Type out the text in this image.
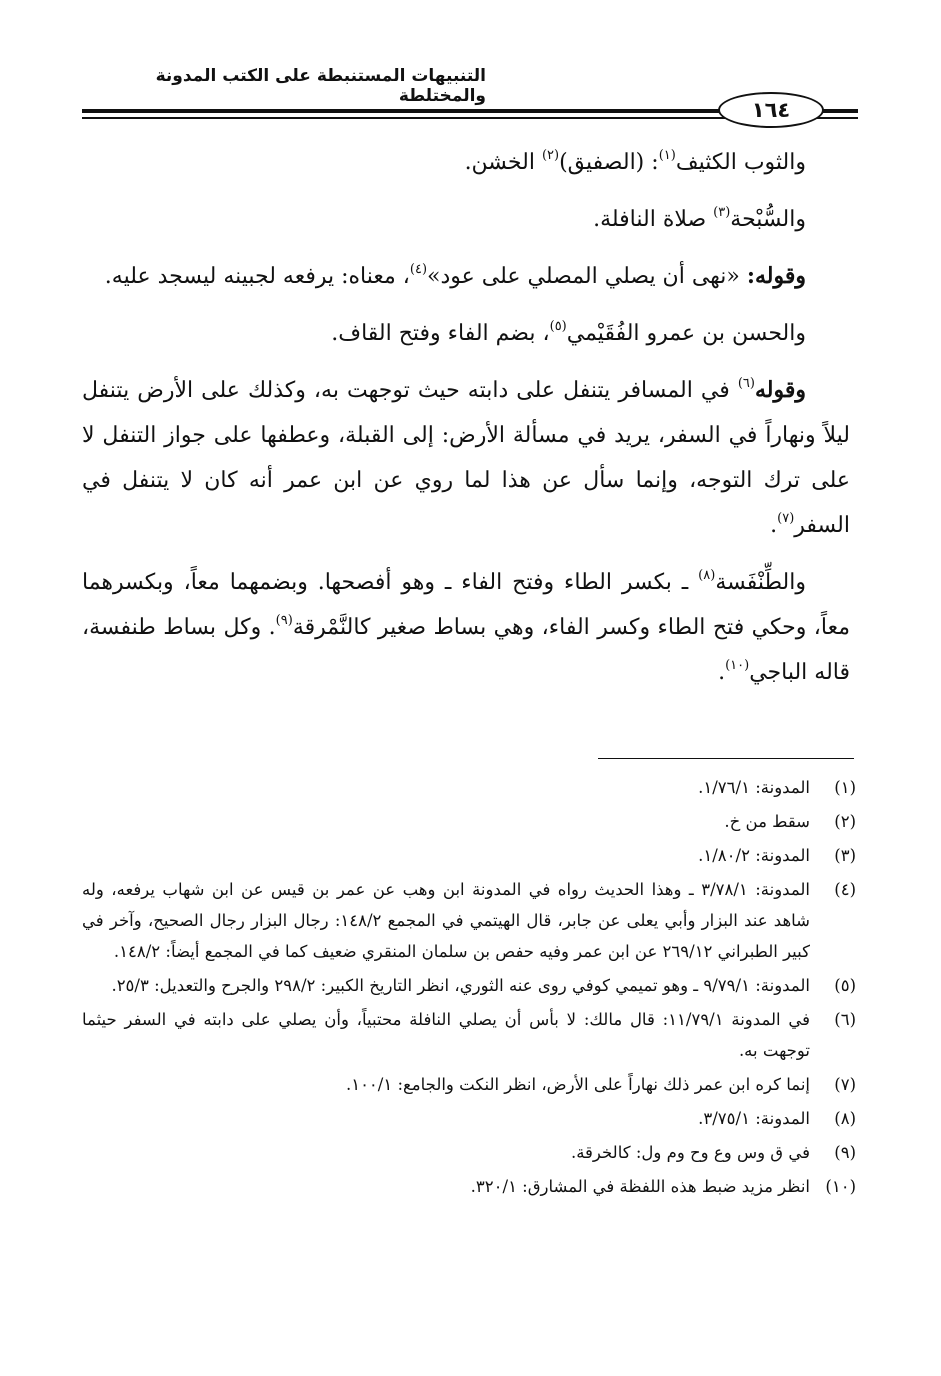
التنبيهات المستنبطة على الكتب المدونة والمختلطة
١٦٤

والثوب الكثيف$^{(١)}$: (الصفيق)$^{(٢)}$ الخشن.

والسُّبْحة$^{(٣)}$ صلاة النافلة.

وقوله: «نهى أن يصلي المصلي على عود»$^{(٤)}$، معناه: يرفعه لجبينه ليسجد عليه.

والحسن بن عمرو الفُقَيْمي$^{(٥)}$، بضم الفاء وفتح القاف.

وقوله$^{(٦)}$ في المسافر يتنفل على دابته حيث توجهت به، وكذلك على الأرض يتنفل ليلاً ونهاراً في السفر، يريد في مسألة الأرض: إلى القبلة، وعطفها على جواز التنفل لا على ترك التوجه، وإنما سأل عن هذا لما روي عن ابن عمر أنه كان لا يتنفل في السفر$^{(٧)}$.

والطِّنْفَسة$^{(٨)}$ ـ بكسر الطاء وفتح الفاء ـ وهو أفصحها. وبضمهما معاً، وبكسرهما معاً، وحكي فتح الطاء وكسر الفاء، وهي بساط صغير كالنَّمْرقة$^{(٩)}$. وكل بساط طنفسة، قاله الباجي$^{(١٠)}$.

(١)
المدونة: ١/٧٦/١.
(٢)
سقط من خ.
(٣)
المدونة: ١/٨٠/٢.
(٤)
المدونة: ٣/٧٨/١ ـ وهذا الحديث رواه في المدونة ابن وهب عن عمر بن قيس عن ابن شهاب يرفعه، وله شاهد عند البزار وأبي يعلى عن جابر، قال الهيتمي في المجمع ١٤٨/٢: رجال البزار رجال الصحيح، وآخر في كبير الطبراني ٢٦٩/١٢ عن ابن عمر وفيه حفص بن سلمان المنقري ضعيف كما في المجمع أيضاً: ١٤٨/٢.
(٥)
المدونة: ٩/٧٩/١ ـ وهو تميمي كوفي روى عنه الثوري، انظر التاريخ الكبير: ٢٩٨/٢ والجرح والتعديل: ٢٥/٣.
(٦)
في المدونة ١١/٧٩/١: قال مالك: لا بأس أن يصلي النافلة محتبياً، وأن يصلي على دابته في السفر حيثما توجهت به.
(٧)
إنما كره ابن عمر ذلك نهاراً على الأرض، انظر النكت والجامع: ١٠٠/١.
(٨)
المدونة: ٣/٧٥/١.
(٩)
في ق وس وع وح وم ول: كالخرقة.
(١٠)
انظر مزيد ضبط هذه اللفظة في المشارق: ٣٢٠/١.
